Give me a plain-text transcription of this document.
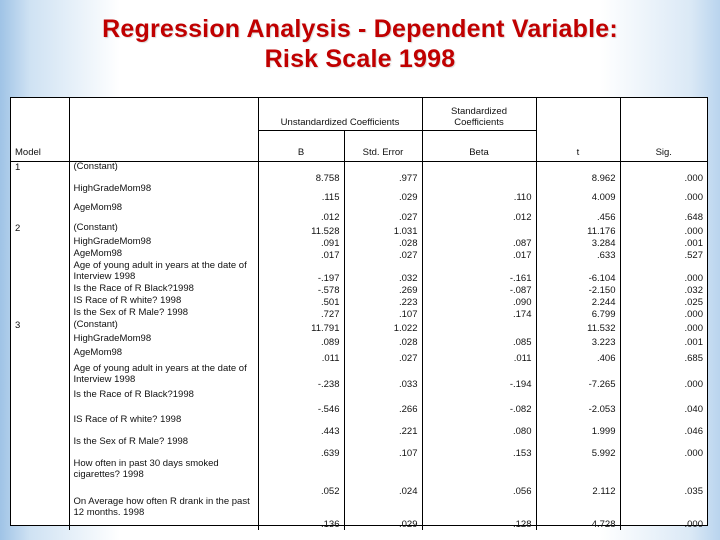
Regression Analysis - Dependent Variable:
Risk Scale 1998
		Unstandardized Coefficients		Standardized
Coefficients		

Model		B	Std. Error	Beta	t	Sig.
1	(Constant)	8.758	.977		8.962	.000
	HighGradeMom98	.115	.029	.110	4.009	.000
	AgeMom98	.012	.027	.012	.456	.648
2	(Constant)	11.528	1.031		11.176	.000
	HighGradeMom98	.091	.028	.087	3.284	.001
	AgeMom98	.017	.027	.017	.633	.527
	Age of young adult in years at the date of Interview 1998	-.197	.032	-.161	-6.104	.000
	Is the Race of R Black?1998	-.578	.269	-.087	-2.150	.032
	IS Race of R white? 1998	.501	.223	.090	2.244	.025
	Is the Sex of R Male? 1998	.727	.107	.174	6.799	.000
3	(Constant)	11.791	1.022		11.532	.000
	HighGradeMom98	.089	.028	.085	3.223	.001
	AgeMom98	.011	.027	.011	.406	.685
	Age of young adult in years at the date of Interview 1998	-.238	.033	-.194	-7.265	.000
	Is the Race of R Black?1998	-.546	.266	-.082	-2.053	.040
	IS Race of R white? 1998	.443	.221	.080	1.999	.046
	Is the Sex of R Male? 1998	.639	.107	.153	5.992	.000
	How often in past 30 days smoked cigarettes? 1998	.052	.024	.056	2.112	.035
	On Average how often R drank in the past 12 months. 1998	.136	.029	.128	4.728	.000
